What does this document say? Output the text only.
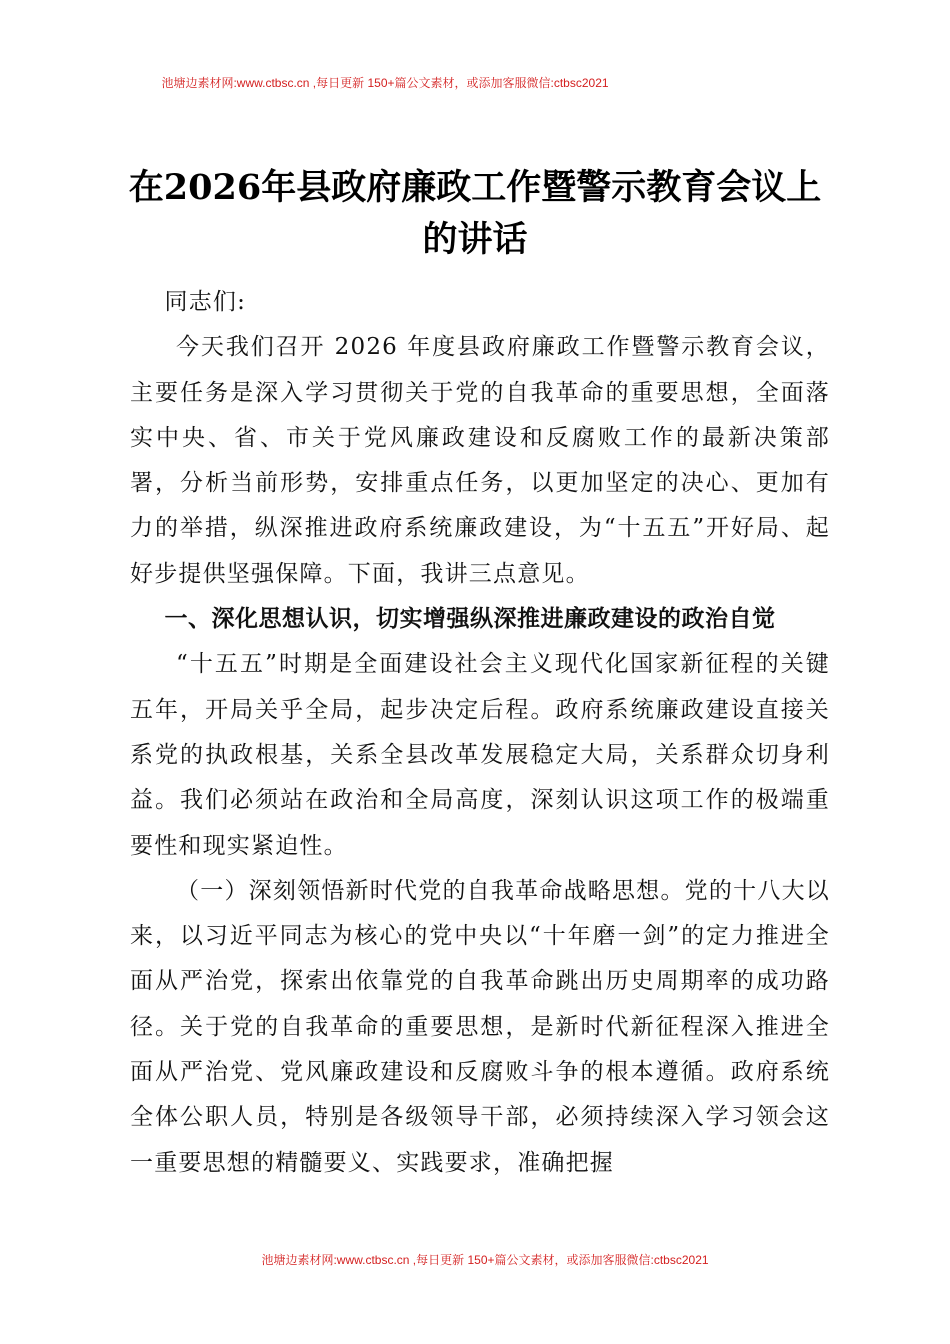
池塘边素材网:www.ctbsc.cn ,每日更新 150+篇公文素材，或添加客服微信:ctbsc2021
在2026年县政府廉政工作暨警示教育会议上
的讲话

同志们:

今天我们召开 2026 年度县政府廉政工作暨警示教育会议，主要任务是深入学习贯彻关于党的自我革命的重要思想，全面落实中央、省、市关于党风廉政建设和反腐败工作的最新决策部署，分析当前形势，安排重点任务，以更加坚定的决心、更加有力的举措，纵深推进政府系统廉政建设，为“十五五”开好局、起好步提供坚强保障。下面，我讲三点意见。

一、深化思想认识，切实增强纵深推进廉政建设的政治自觉

“十五五”时期是全面建设社会主义现代化国家新征程的关键五年，开局关乎全局，起步决定后程。政府系统廉政建设直接关系党的执政根基，关系全县改革发展稳定大局，关系群众切身利益。我们必须站在政治和全局高度，深刻认识这项工作的极端重要性和现实紧迫性。

（一）深刻领悟新时代党的自我革命战略思想。党的十八大以来，以习近平同志为核心的党中央以“十年磨一剑”的定力推进全面从严治党，探索出依靠党的自我革命跳出历史周期率的成功路径。关于党的自我革命的重要思想，是新时代新征程深入推进全面从严治党、党风廉政建设和反腐败斗争的根本遵循。政府系统全体公职人员，特别是各级领导干部，必须持续深入学习领会这一重要思想的精髓要义、实践要求，准确把握

池塘边素材网:www.ctbsc.cn ,每日更新 150+篇公文素材，或添加客服微信:ctbsc2021
